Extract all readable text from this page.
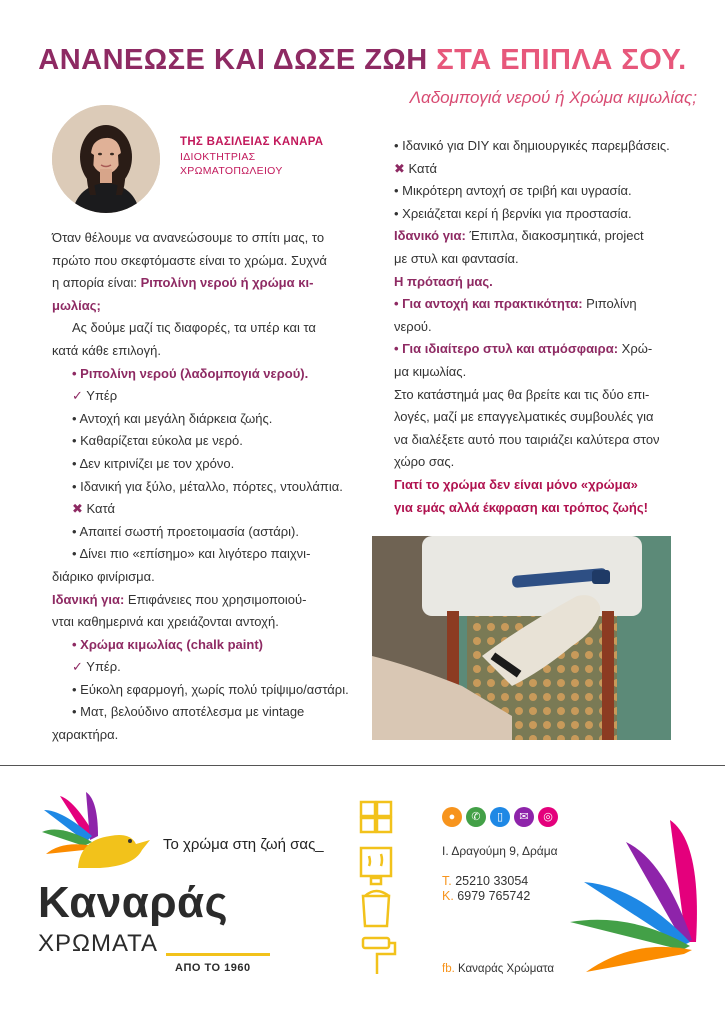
ΑΝΑΝΕΩΣΕ ΚΑΙ ΔΩΣΕ ΖΩΗ ΣΤΑ ΕΠΙΠΛΑ ΣΟΥ.
Λαδομπογιά νερού ή Χρώμα κιμωλίας;
ΤΗΣ ΒΑΣΙΛΕΙΑΣ ΚΑΝΑΡΑ
ΙΔΙΟΚΤΗΤΡΙΑΣ
ΧΡΩΜΑΤΟΠΩΛΕΙΟΥ
Όταν θέλουμε να ανανεώσουμε το σπίτι μας, το
πρώτο που σκεφτόμαστε είναι το χρώμα. Συχνά
η απορία είναι: Ριπολίνη νερού ή χρώμα κι-
μωλίας;
Ας δούμε μαζί τις διαφορές, τα υπέρ και τα
κατά κάθε επιλογή.
• Ριπολίνη νερού (λαδομπογιά νερού).
✓ Υπέρ
• Αντοχή και μεγάλη διάρκεια ζωής.
• Καθαρίζεται εύκολα με νερό.
• Δεν κιτρινίζει με τον χρόνο.
• Ιδανική για ξύλο, μέταλλο, πόρτες, ντουλάπια.
✖ Κατά
• Απαιτεί σωστή προετοιμασία (αστάρι).
• Δίνει πιο «επίσημο» και λιγότερο παιχνι-
διάρικο φινίρισμα.
Ιδανική για: Επιφάνειες που χρησιμοποιού-
νται καθημερινά και χρειάζονται αντοχή.
• Χρώμα κιμωλίας (chalk paint)
✓ Υπέρ.
• Εύκολη εφαρμογή, χωρίς πολύ τρίψιμο/αστάρι.
• Ματ, βελούδινο αποτέλεσμα με vintage
χαρακτήρα.
• Ιδανικό για DIY και δημιουργικές παρεμβάσεις.
✖ Κατά
• Μικρότερη αντοχή σε τριβή και υγρασία.
• Χρειάζεται κερί ή βερνίκι για προστασία.
Ιδανικό για: Έπιπλα, διακοσμητικά, project
με στυλ και φαντασία.
Η πρότασή μας.
• Για αντοχή και πρακτικότητα: Ριπολίνη
νερού.
• Για ιδιαίτερο στυλ και ατμόσφαιρα: Χρώ-
μα κιμωλίας.
Στο κατάστημά μας θα βρείτε και τις δύο επι-
λογές, μαζί με επαγγελματικές συμβουλές για
να διαλέξετε αυτό που ταιριάζει καλύτερα στον
χώρο σας.
Γιατί το χρώμα δεν είναι μόνο «χρώμα»
για εμάς αλλά έκφραση και τρόπος ζωής!
Το χρώμα στη ζωή σας_
Καναράς
ΧΡΩΜΑΤΑ
ΑΠΟ ΤΟ 1960
●	✆	▯	✉	◎
Ι. Δραγούμη 9, Δράμα
Τ. 25210 33054
Κ. 6979 765742
fb. Καναράς Χρώματα
